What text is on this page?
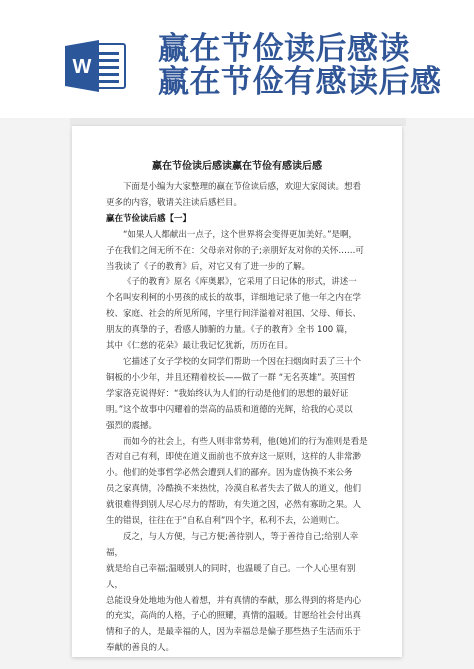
W 赢在节俭读后感读
赢在节俭有感读后感
赢在节俭读后感读赢在节俭有感读后感

下面是小编为大家整理的赢在节俭读后感，欢迎大家阅读。想看
更多的内容，敬请关注读后感栏目。

赢在节俭读后感【一】

“如果人人都献出一点子，这个世界将会变得更加美好。”是啊，
子在我们之间无所不在：父母亲对你的子;亲朋好友对你的关怀……可
当我读了《子的教育》后，对它又有了进一步的了解。

《子的教育》原名《库奥累》，它采用了日记体的形式，讲述一
个名叫安利柯的小男孩的成长的故事，详细地记录了他一年之内在学
校、家庭、社会的所见所闻，字里行间洋溢着对祖国、父母、师长、
朋友的真挚的子，看感人肺腑的力量。《子的教育》全书 100 篇，
其中《仁慈的花朵》最让我记忆犹新，历历在目。

它描述了女子学校的女同学们帮助一个因在扫烟囱时丢了三十个
铜板的小少年，并且还精着校长——做了一群 “无名英雄”。英国哲
学家洛克说得好：“我始终认为人们的行动是他们的思想的最好证
明。”这个故事中闪耀着的崇高的品质和道德的光辉，给我的心灵以
强烈的震撼。

而如今的社会上，有些人则非常势利，他(她)们的行为准则是看是
否对自己有利，即使在道义面前也不放弃这一原则，这样的人非常渺
小。他们的处事哲学必然会遭到人们的鄙弃。因为虚伪换不来公务
员之家真情，冷酷换不来热忱，冷漠自私者失去了做人的道义，他们
就很难得到别人尽心尽力的帮助，有失道之因，必然有寡助之果。人
生的错误，往往在于“自私自利”四个字，私利不去，公道则亡。

反之，与人方便，与己方便;善待别人，等于善待自己;给别人幸福，
就是给自己幸福;温暖别人的同时，也温暖了自己。一个人心里有别人，
总能设身处地地为他人着想，并有真情的奉献，那么得到的将是内心
的充实，高尚的人格，子心的照耀，真情的温暖。甘愿给社会付出真
情和子的人，是最幸福的人，因为幸福总是偏子那些热子生活而乐于
奉献的善良的人。
